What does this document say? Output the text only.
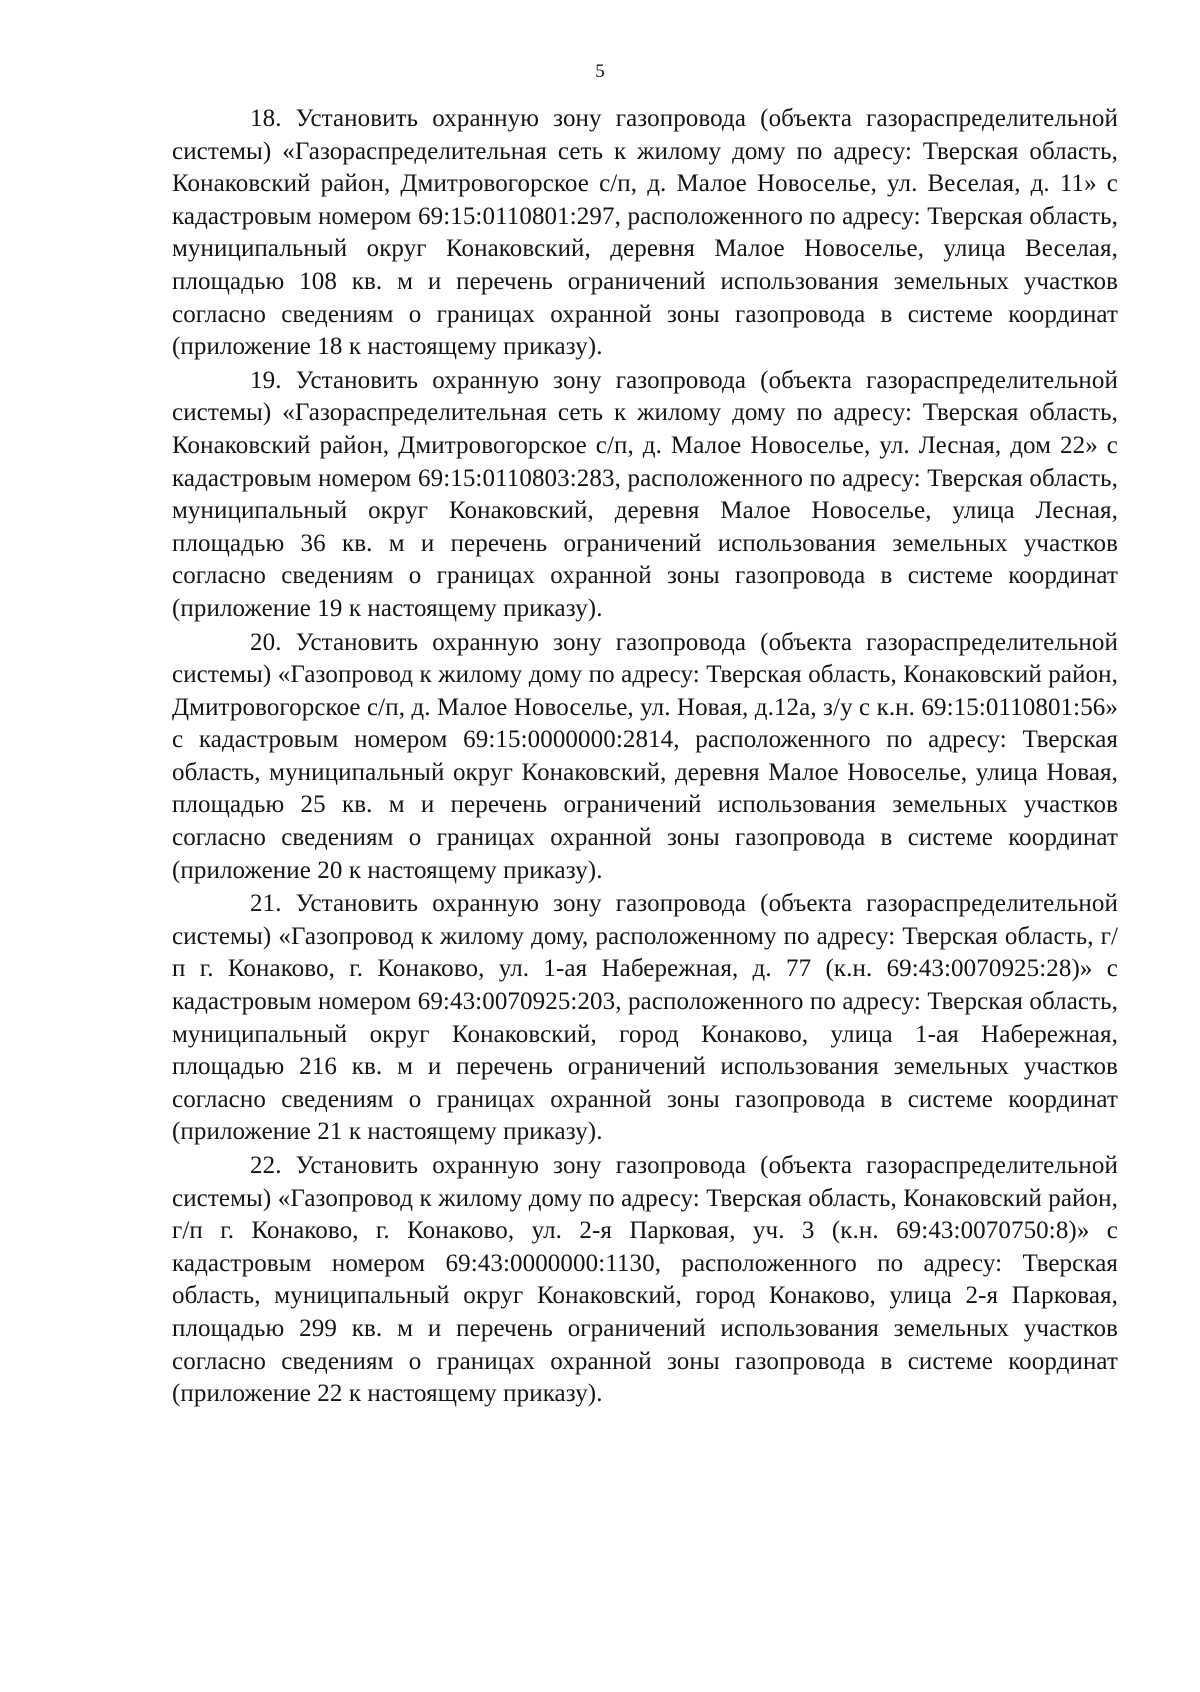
5

18. Установить охранную зону газопровода (объекта газораспределительной системы) «Газораспределительная сеть к жилому дому по адресу: Тверская область, Конаковский район, Дмитровогорское с/п, д. Малое Новоселье, ул. Веселая, д. 11» с кадастровым номером 69:15:0110801:297, расположенного по адресу: Тверская область, муниципальный округ Конаковский, деревня Малое Новоселье, улица Веселая, площадью 108 кв. м и перечень ограничений использования земельных участков согласно сведениям о границах охранной зоны газопровода в системе координат (приложение 18 к настоящему приказу).

19. Установить охранную зону газопровода (объекта газораспределительной системы) «Газораспределительная сеть к жилому дому по адресу: Тверская область, Конаковский район, Дмитровогорское с/п, д. Малое Новоселье, ул. Лесная, дом 22» с кадастровым номером 69:15:0110803:283, расположенного по адресу: Тверская область, муниципальный округ Конаковский, деревня Малое Новоселье, улица Лесная, площадью 36 кв. м и перечень ограничений использования земельных участков согласно сведениям о границах охранной зоны газопровода в системе координат (приложение 19 к настоящему приказу).

20. Установить охранную зону газопровода (объекта газораспределительной системы) «Газопровод к жилому дому по адресу: Тверская область, Конаковский район, Дмитровогорское с/п, д. Малое Новоселье, ул. Новая, д.12а, з/у с к.н. 69:15:0110801:56» с кадастровым номером 69:15:0000000:2814, расположенного по адресу: Тверская область, муниципальный округ Конаковский, деревня Малое Новоселье, улица Новая, площадью 25 кв. м и перечень ограничений использования земельных участков согласно сведениям о границах охранной зоны газопровода в системе координат (приложение 20 к настоящему приказу).

21. Установить охранную зону газопровода (объекта газораспределительной системы) «Газопровод к жилому дому, расположенному по адресу: Тверская область, г/п г. Конаково, г. Конаково, ул. 1-ая Набережная, д. 77 (к.н. 69:43:0070925:28)» с кадастровым номером 69:43:0070925:203, расположенного по адресу: Тверская область, муниципальный округ Конаковский, город Конаково, улица 1-ая Набережная, площадью 216 кв. м и перечень ограничений использования земельных участков согласно сведениям о границах охранной зоны газопровода в системе координат (приложение 21 к настоящему приказу).

22. Установить охранную зону газопровода (объекта газораспределительной системы) «Газопровод к жилому дому по адресу: Тверская область, Конаковский район, г/п г. Конаково, г. Конаково, ул. 2-я Парковая, уч. 3 (к.н. 69:43:0070750:8)» с кадастровым номером 69:43:0000000:1130, расположенного по адресу: Тверская область, муниципальный округ Конаковский, город Конаково, улица 2-я Парковая, площадью 299 кв. м и перечень ограничений использования земельных участков согласно сведениям о границах охранной зоны газопровода в системе координат (приложение 22 к настоящему приказу).
